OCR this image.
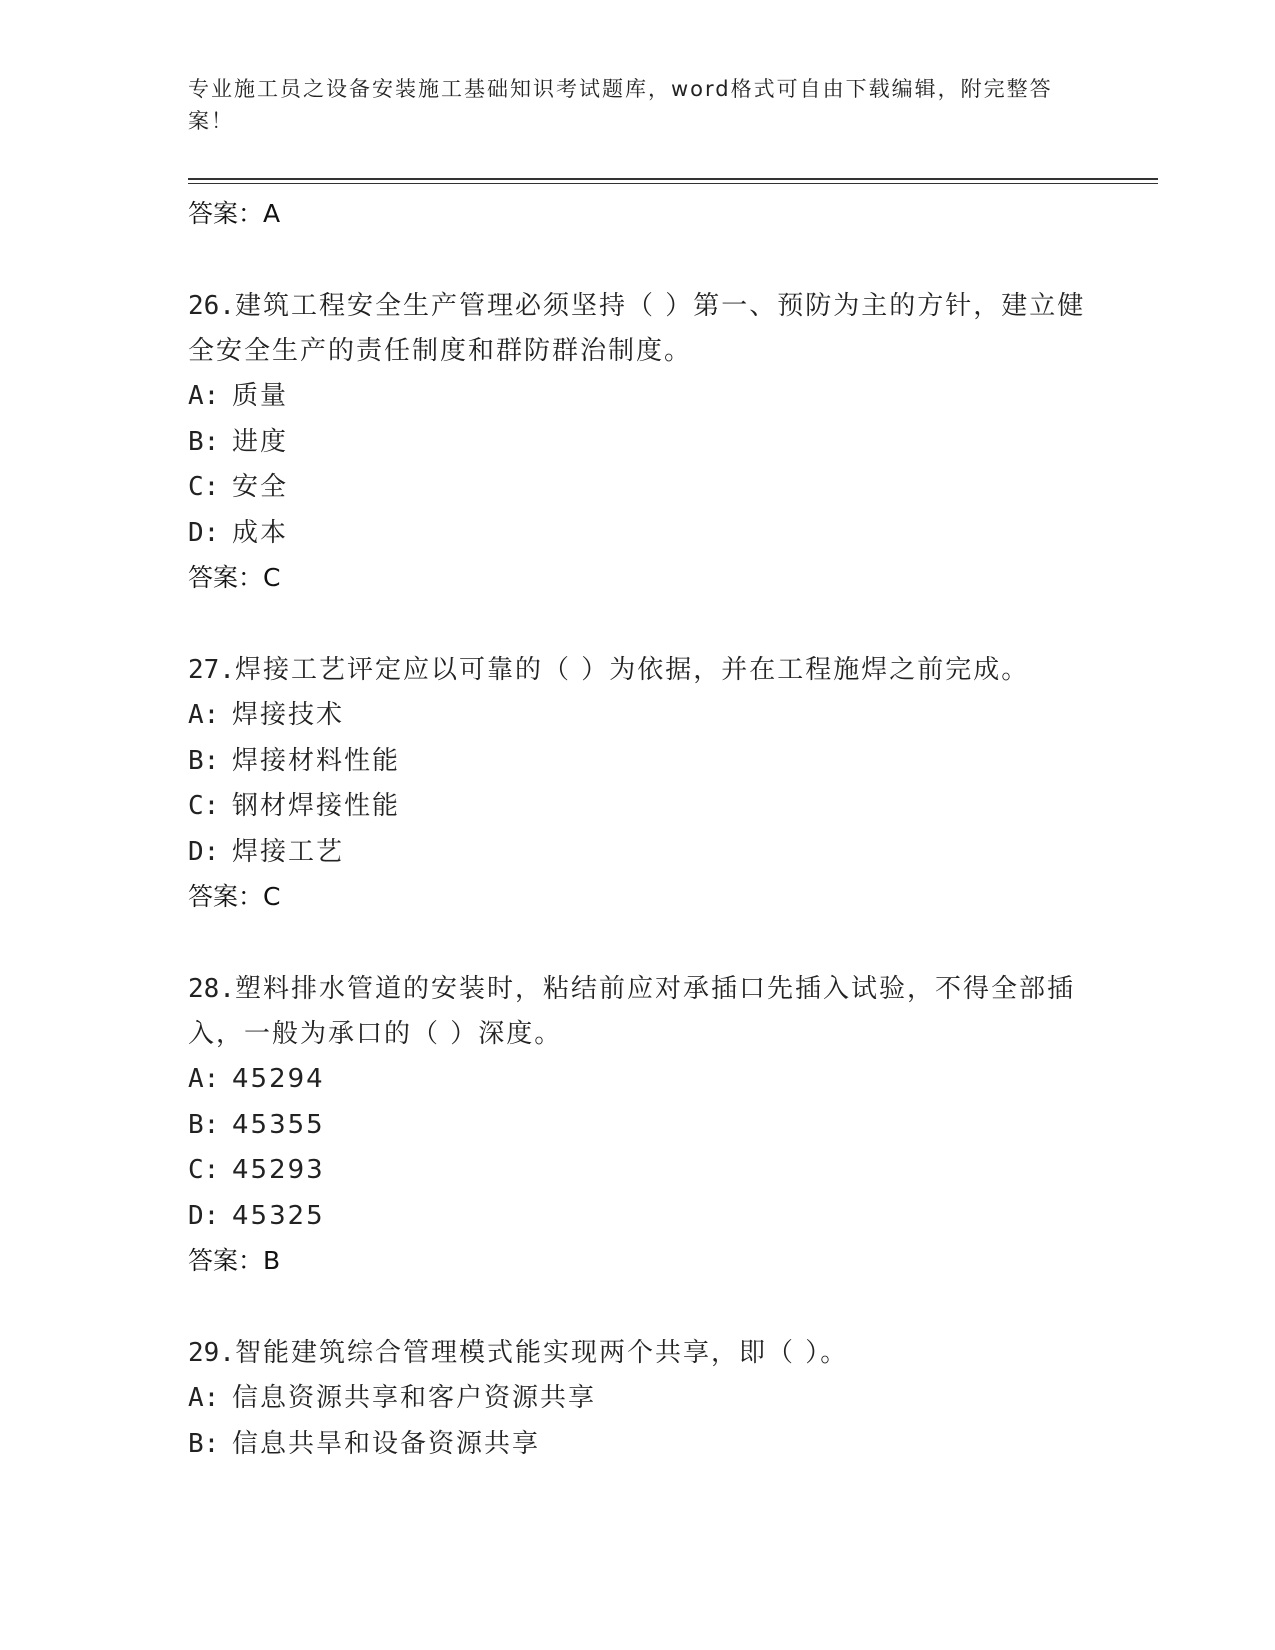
专业施工员之设备安装施工基础知识考试题库，word格式可自由下载编辑，附完整答案！
答案：A
26.建筑工程安全生产管理必须坚持（ ）第一、预防为主的方针，建立健全安全生产的责任制度和群防群治制度。
A: 质量
B: 进度
C: 安全
D: 成本
答案：C
27.焊接工艺评定应以可靠的（ ）为依据，并在工程施焊之前完成。
A: 焊接技术
B: 焊接材料性能
C: 钢材焊接性能
D: 焊接工艺
答案：C
28.塑料排水管道的安装时，粘结前应对承插口先插入试验，不得全部插入，一般为承口的（ ）深度。
A: 45294
B: 45355
C: 45293
D: 45325
答案：B
29.智能建筑综合管理模式能实现两个共享，即（ ）。
A: 信息资源共享和客户资源共享
B: 信息共旱和设备资源共享
